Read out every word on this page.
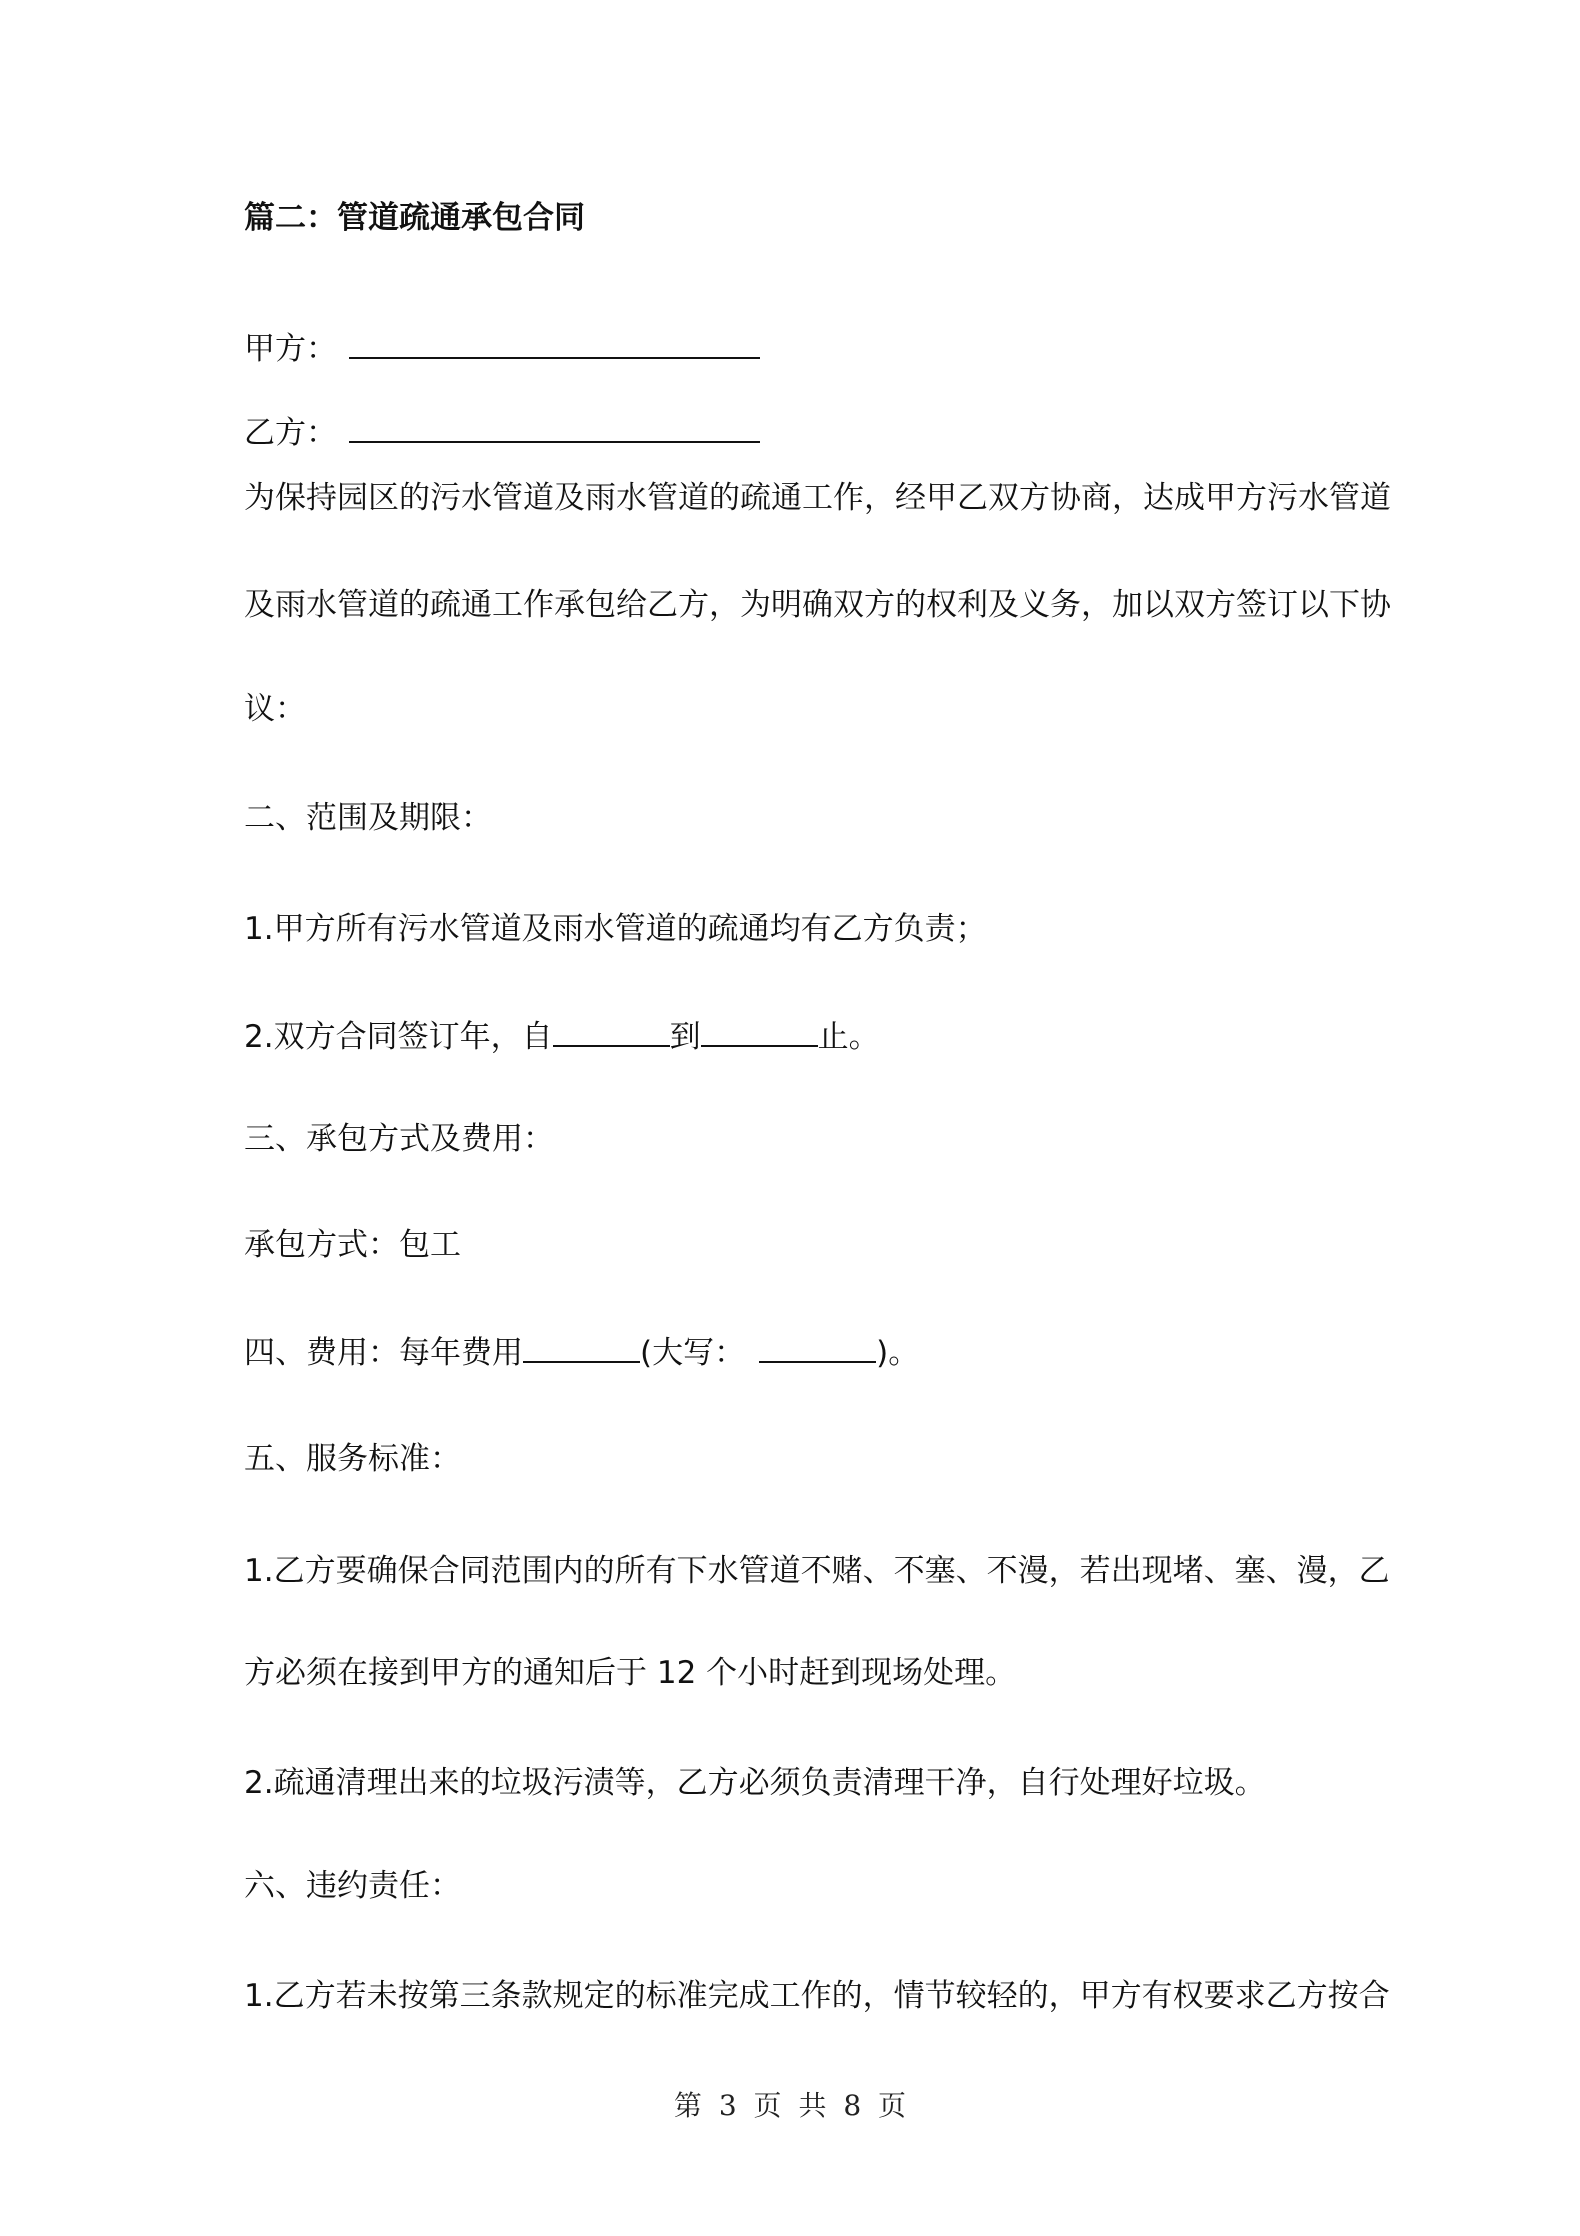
篇二：管道疏通承包合同
甲方：
乙方：
为保持园区的污水管道及雨水管道的疏通工作，经甲乙双方协商，达成甲方污水管道
及雨水管道的疏通工作承包给乙方，为明确双方的权利及义务，加以双方签订以下协
议：
二、范围及期限：
1.甲方所有污水管道及雨水管道的疏通均有乙方负责；
2.双方合同签订年，自	到	止。
三、承包方式及费用：
承包方式：包工
四、费用：每年费用	(大写：	)。
五、服务标准：
1.乙方要确保合同范围内的所有下水管道不赌、不塞、不漫，若出现堵、塞、漫，乙
方必须在接到甲方的通知后于 12 个小时赶到现场处理。
2.疏通清理出来的垃圾污渍等，乙方必须负责清理干净，自行处理好垃圾。
六、违约责任：
1.乙方若未按第三条款规定的标准完成工作的，情节较轻的，甲方有权要求乙方按合
第 3 页 共 8 页
